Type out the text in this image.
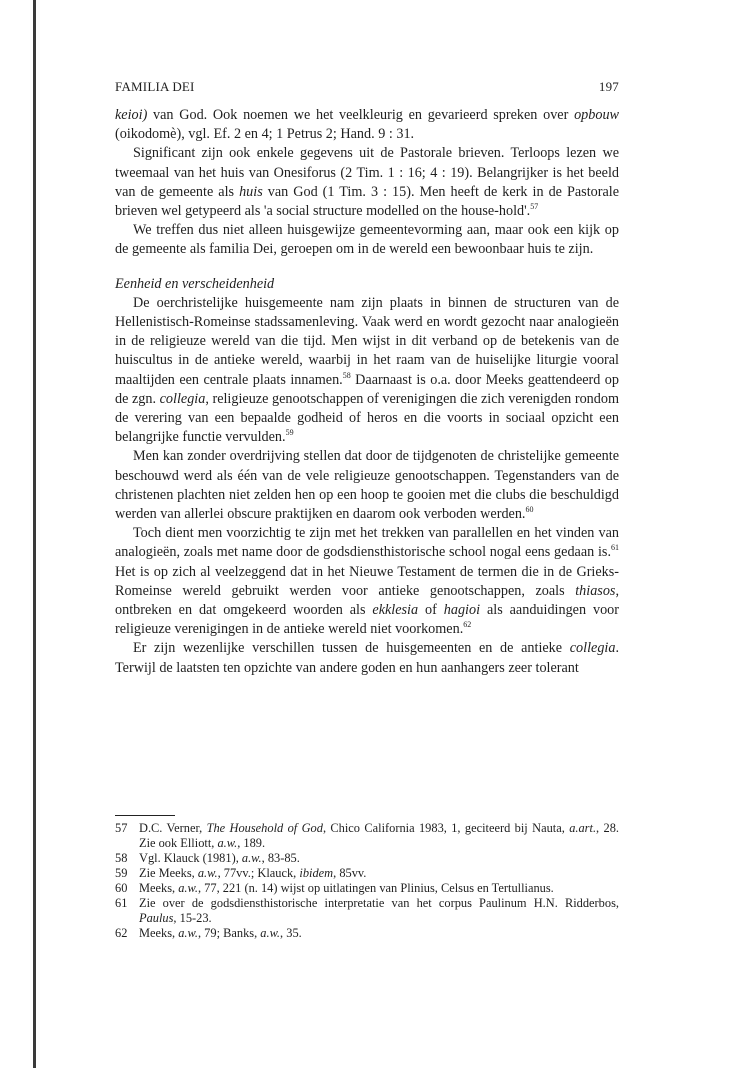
FAMILIA DEI	197

keioi) van God. Ook noemen we het veelkleurig en gevarieerd spreken over opbouw (oikodomè), vgl. Ef. 2 en 4; 1 Petrus 2; Hand. 9 : 31.

Significant zijn ook enkele gegevens uit de Pastorale brieven. Terloops lezen we tweemaal van het huis van Onesiforus (2 Tim. 1 : 16; 4 : 19). Belangrijker is het beeld van de gemeente als huis van God (1 Tim. 3 : 15). Men heeft de kerk in de Pastorale brieven wel getypeerd als 'a social structure modelled on the house-hold'.$^{57}$

We treffen dus niet alleen huisgewijze gemeentevorming aan, maar ook een kijk op de gemeente als familia Dei, geroepen om in de wereld een bewoonbaar huis te zijn.

Eenheid en verscheidenheid

De oerchristelijke huisgemeente nam zijn plaats in binnen de structuren van de Hellenistisch-Romeinse stadssamenleving. Vaak werd en wordt gezocht naar analogieën in de religieuze wereld van die tijd. Men wijst in dit verband op de betekenis van de huiscultus in de antieke wereld, waarbij in het raam van de huiselijke liturgie vooral maaltijden een centrale plaats innamen.$^{58}$ Daarnaast is o.a. door Meeks geattendeerd op de zgn. collegia, religieuze genootschappen of verenigingen die zich verenigden rondom de verering van een bepaalde godheid of heros en die voorts in sociaal opzicht een belangrijke functie vervulden.$^{59}$

Men kan zonder overdrijving stellen dat door de tijdgenoten de christelijke gemeente beschouwd werd als één van de vele religieuze genootschappen. Tegenstanders van de christenen plachten niet zelden hen op een hoop te gooien met die clubs die beschuldigd werden van allerlei obscure praktijken en daarom ook verboden werden.$^{60}$

Toch dient men voorzichtig te zijn met het trekken van parallellen en het vinden van analogieën, zoals met name door de godsdiensthistorische school nogal eens gedaan is.$^{61}$ Het is op zich al veelzeggend dat in het Nieuwe Testament de termen die in de Grieks-Romeinse wereld gebruikt werden voor antieke genootschappen, zoals thiasos, ontbreken en dat omgekeerd woorden als ekklesia of hagioi als aanduidingen voor religieuze verenigingen in de antieke wereld niet voorkomen.$^{62}$

Er zijn wezenlijke verschillen tussen de huisgemeenten en de antieke collegia. Terwijl de laatsten ten opzichte van andere goden en hun aanhangers zeer tolerant

57 D.C. Verner, The Household of God, Chico California 1983, 1, geciteerd bij Nauta, a.art., 28. Zie ook Elliott, a.w., 189.

58 Vgl. Klauck (1981), a.w., 83-85.

59 Zie Meeks, a.w., 77vv.; Klauck, ibidem, 85vv.

60 Meeks, a.w., 77, 221 (n. 14) wijst op uitlatingen van Plinius, Celsus en Tertullianus.

61 Zie over de godsdiensthistorische interpretatie van het corpus Paulinum H.N. Ridderbos, Paulus, 15-23.

62 Meeks, a.w., 79; Banks, a.w., 35.
